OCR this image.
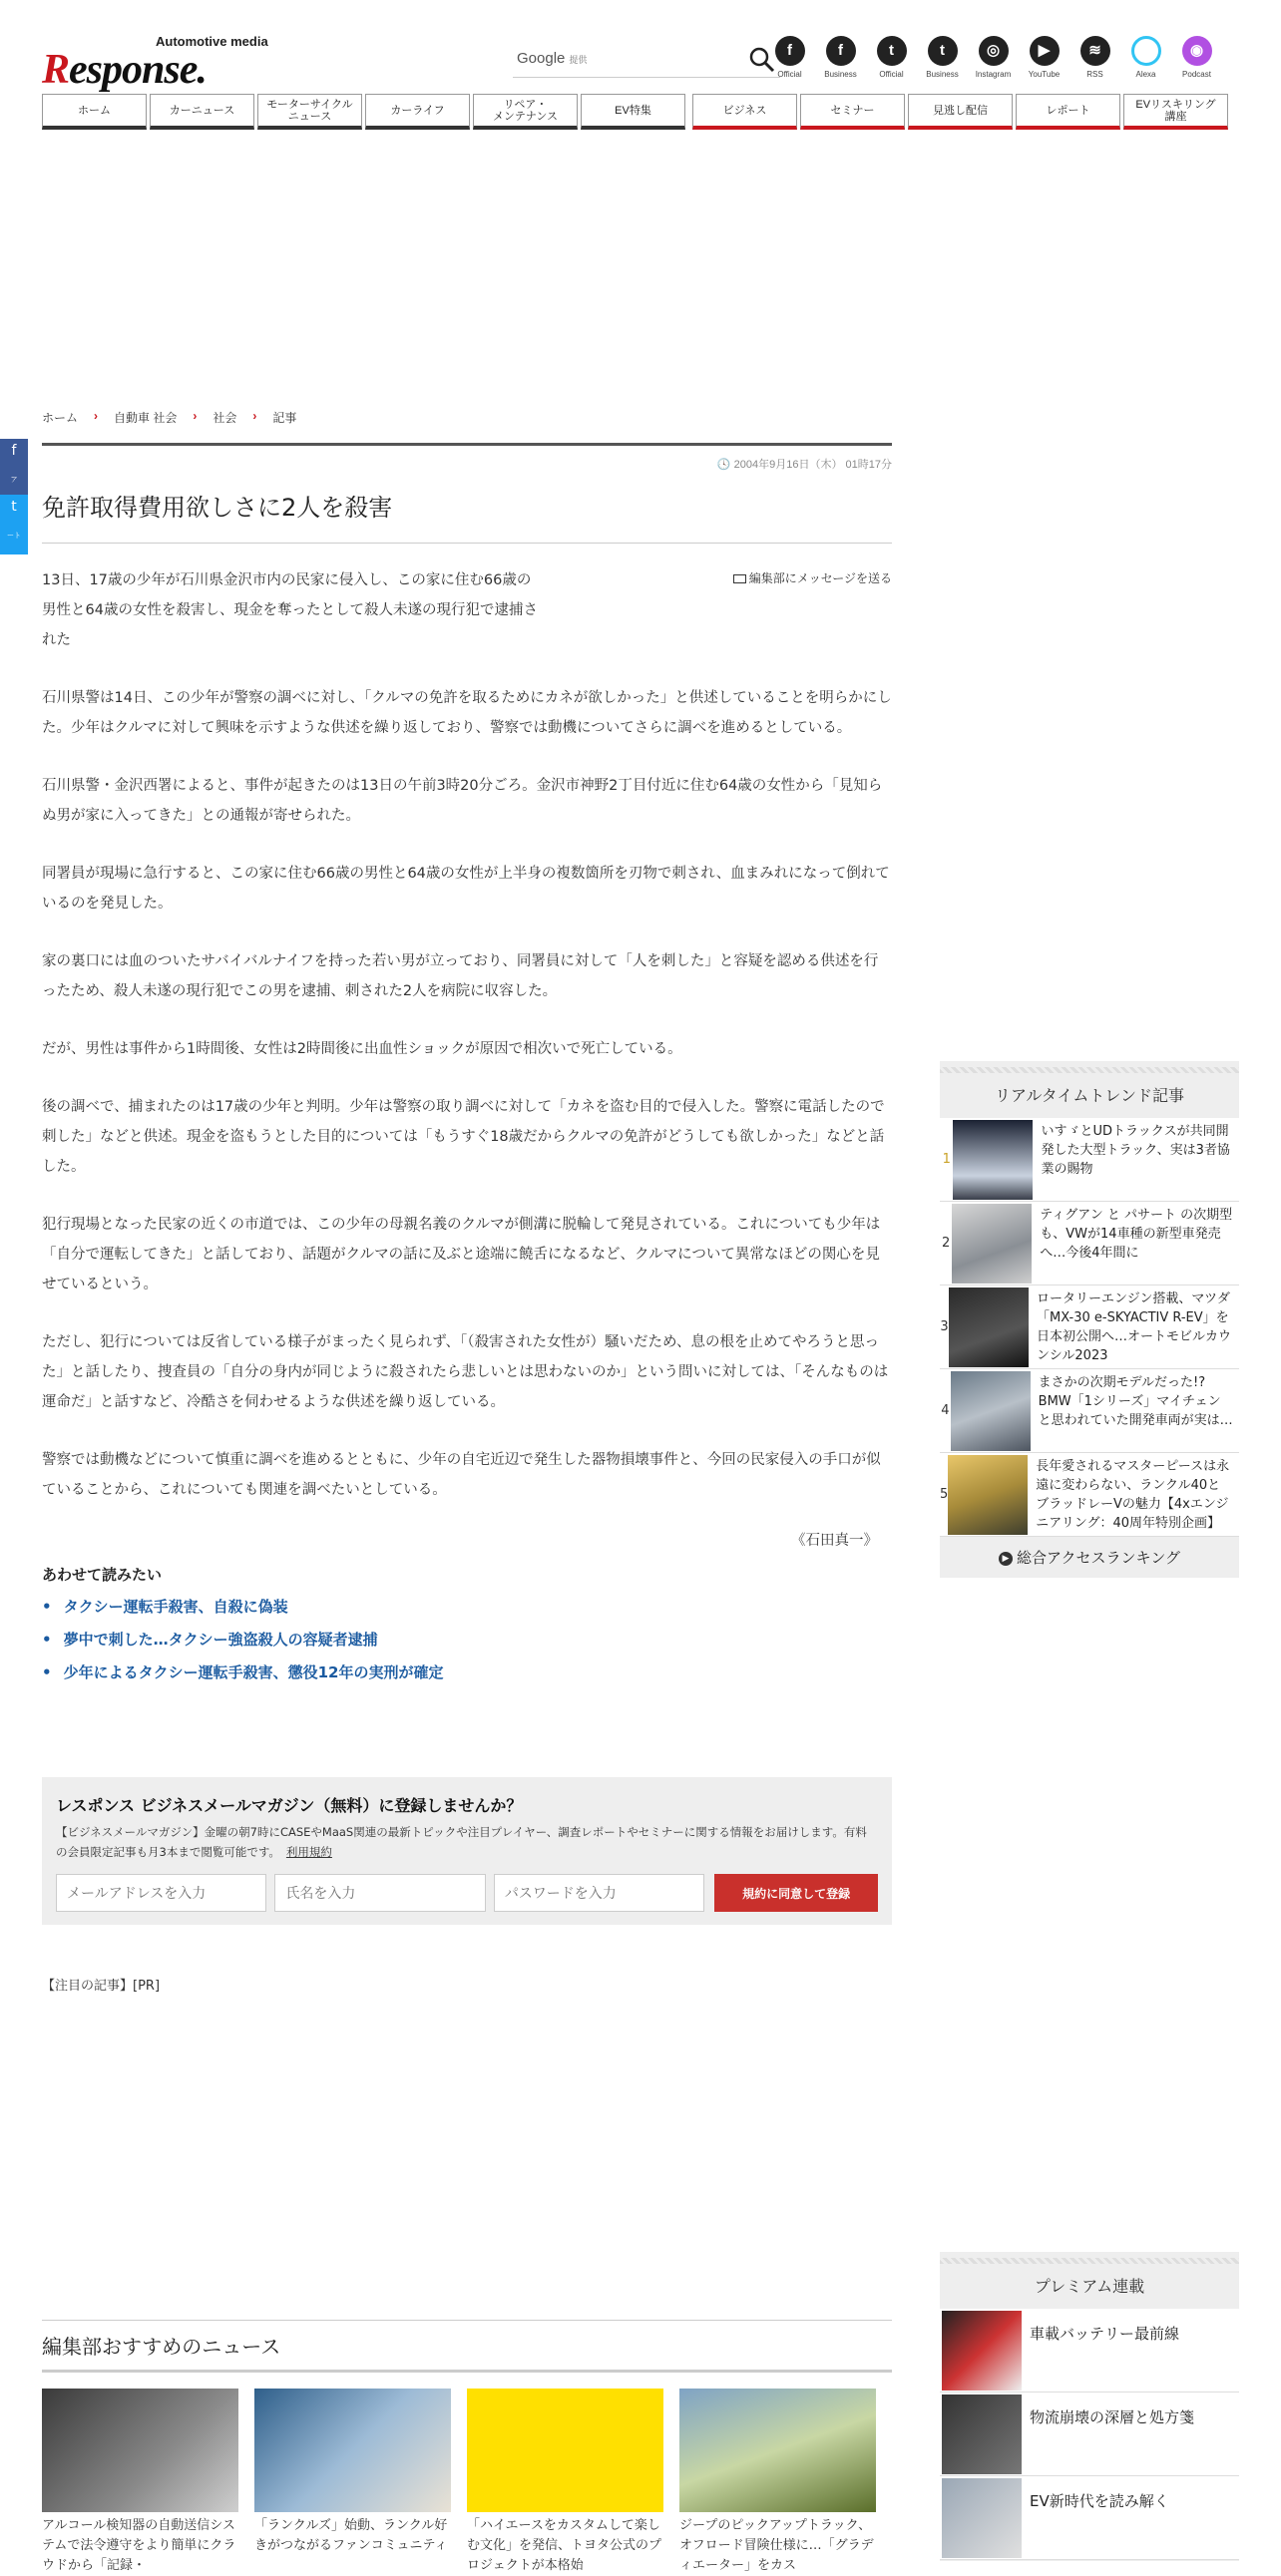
Automotive media
Response.	Google 提供
f
Official
f
Business
t
Official
t
Business
◎
Instagram
▶
YouTube
≋
RSS	Alexa
◉
Podcast
ホーム	カーニュース	モーターサイクル
ニュース	カーライフ	リペア・
メンテナンス	EV特集	ビジネス	セミナー	見逃し配信	レポート	EVリスキリング
講座
f
ア
t
ート
ホーム › 自動車 社会 › 社会 › 記事
🕓 2004年9月16日（木） 01時17分
免許取得費用欲しさに2人を殺害
13日、17歳の少年が石川県金沢市内の民家に侵入し、この家に住む66歳の男性と64歳の女性を殺害し、現金を奪ったとして殺人未遂の現行犯で逮捕された
編集部にメッセージを送る

石川県警は14日、この少年が警察の調べに対し、「クルマの免許を取るためにカネが欲しかった」と供述していることを明らかにした。少年はクルマに対して興味を示すような供述を繰り返しており、警察では動機についてさらに調べを進めるとしている。

石川県警・金沢西署によると、事件が起きたのは13日の午前3時20分ごろ。金沢市神野2丁目付近に住む64歳の女性から「見知らぬ男が家に入ってきた」との通報が寄せられた。

同署員が現場に急行すると、この家に住む66歳の男性と64歳の女性が上半身の複数箇所を刃物で刺され、血まみれになって倒れているのを発見した。

家の裏口には血のついたサバイバルナイフを持った若い男が立っており、同署員に対して「人を刺した」と容疑を認める供述を行ったため、殺人未遂の現行犯でこの男を逮捕、刺された2人を病院に収容した。

だが、男性は事件から1時間後、女性は2時間後に出血性ショックが原因で相次いで死亡している。

後の調べで、捕まれたのは17歳の少年と判明。少年は警察の取り調べに対して「カネを盗む目的で侵入した。警察に電話したので刺した」などと供述。現金を盗もうとした目的については「もうすぐ18歳だからクルマの免許がどうしても欲しかった」などと話した。

犯行現場となった民家の近くの市道では、この少年の母親名義のクルマが側溝に脱輪して発見されている。これについても少年は「自分で運転してきた」と話しており、話題がクルマの話に及ぶと途端に饒舌になるなど、クルマについて異常なほどの関心を見せているという。

ただし、犯行については反省している様子がまったく見られず、「（殺害された女性が）騒いだため、息の根を止めてやろうと思った」と話したり、捜査員の「自分の身内が同じように殺されたら悲しいとは思わないのか」という問いに対しては、「そんなものは運命だ」と話すなど、冷酷さを伺わせるような供述を繰り返している。

警察では動機などについて慎重に調べを進めるとともに、少年の自宅近辺で発生した器物損壊事件と、今回の民家侵入の手口が似ていることから、これについても関連を調べたいとしている。

《石田真一》
あわせて読みたい
• タクシー運転手殺害、自殺に偽装
• 夢中で刺した…タクシー強盗殺人の容疑者逮捕
• 少年によるタクシー運転手殺害、懲役12年の実刑が確定
レスポンス ビジネスメールマガジン（無料）に登録しませんか？

【ビジネスメールマガジン】金曜の朝7時にCASEやMaaS関連の最新トピックや注目プレイヤー、調査レポートやセミナーに関する情報をお届けします。有料の会員限定記事も月3本まで閲覧可能です。 利用規約

メールアドレスを入力
氏名を入力
パスワードを入力
規約に同意して登録
【注目の記事】[PR]
編集部おすすめのニュース

アルコール検知器の自動送信システムで法令遵守をより簡単にクラウドから「記録・

「ランクルズ」始動、ランクル好きがつながるファンコミュニティ

「ハイエースをカスタムして楽しむ文化」を発信、トヨタ公式のプロジェクトが本格始

ジープのピックアップトラック、オフロード冒険仕様に…「グラディエーター」をカス

リアルタイムトレンド記事
1
いすゞとUDトラックスが共同開発した大型トラック、実は3者協業の賜物
2
ティグアン と パサート の次期型も、VWが14車種の新型車発売へ…今後4年間に
3
ロータリーエンジン搭載、マツダ「MX-30 e-SKYACTIV R-EV」を日本初公開へ…オートモビルカウンシル2023
4
まさかの次期モデルだった!? BMW「1シリーズ」マイチェンと思われていた開発車両が実は…
5
長年愛されるマスターピースは永遠に変わらない、ランクル40とブラッドレーVの魅力【4xエンジニアリング：40周年特別企画】
▶ 総合アクセスランキング
プレミアム連載
車載バッテリー最前線
物流崩壊の深層と処方箋
EV新時代を読み解く
